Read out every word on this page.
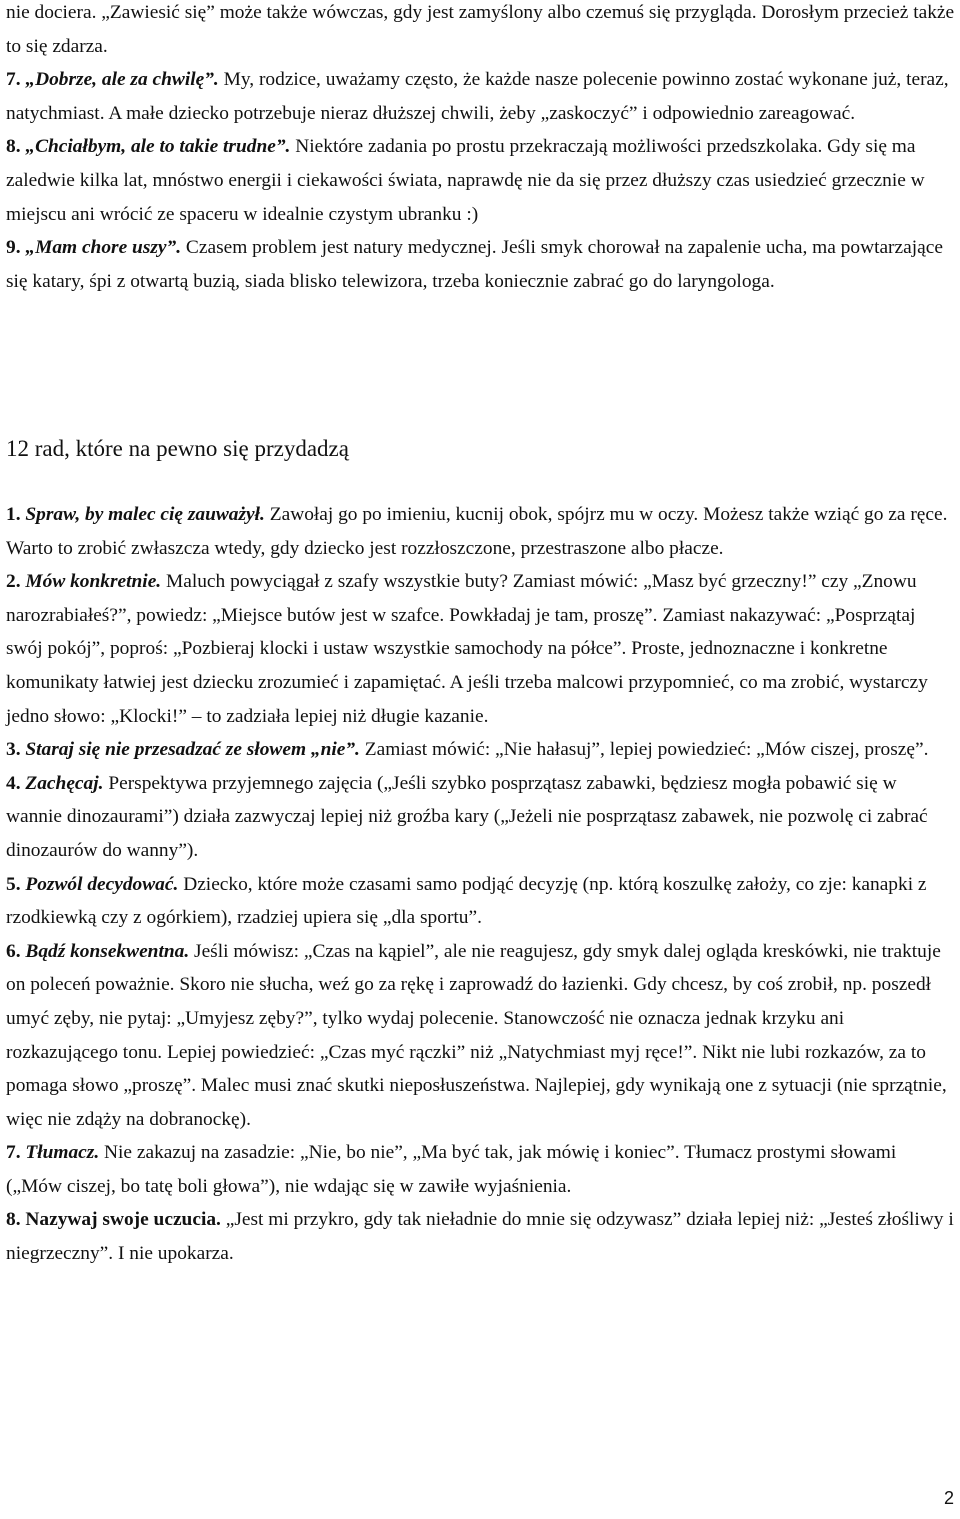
nie dociera. „Zawiesić się” może także wówczas, gdy jest zamyślony albo czemuś się przygląda. Dorosłym przecież także to się zdarza.

7. „Dobrze, ale za chwilę”. My, rodzice, uważamy często, że każde nasze polecenie powinno zostać wykonane już, teraz, natychmiast. A małe dziecko potrzebuje nieraz dłuższej chwili, żeby „zaskoczyć” i odpowiednio zareagować.

8. „Chciałbym, ale to takie trudne”. Niektóre zadania po prostu przekraczają możliwości przedszkolaka. Gdy się ma zaledwie kilka lat, mnóstwo energii i ciekawości świata, naprawdę nie da się przez dłuższy czas usiedzieć grzecznie w miejscu ani wrócić ze spaceru w idealnie czystym ubranku :)

9. „Mam chore uszy”. Czasem problem jest natury medycznej. Jeśli smyk chorował na zapalenie ucha, ma powtarzające się katary, śpi z otwartą buzią, siada blisko telewizora, trzeba koniecznie zabrać go do laryngologa.

12 rad, które na pewno się przydadzą

1. Spraw, by malec cię zauważył. Zawołaj go po imieniu, kucnij obok, spójrz mu w oczy. Możesz także wziąć go za ręce. Warto to zrobić zwłaszcza wtedy, gdy dziecko jest rozzłoszczone, przestraszone albo płacze.

2. Mów konkretnie. Maluch powyciągał z szafy wszystkie buty? Zamiast mówić: „Masz być grzeczny!” czy „Znowu narozrabiałeś?”, powiedz: „Miejsce butów jest w szafce. Powkładaj je tam, proszę”. Zamiast nakazywać: „Posprzątaj swój pokój”, poproś: „Pozbieraj klocki i ustaw wszystkie samochody na półce”. Proste, jednoznaczne i konkretne komunikaty łatwiej jest dziecku zrozumieć i zapamiętać. A jeśli trzeba malcowi przypomnieć, co ma zrobić, wystarczy jedno słowo: „Klocki!” – to zadziała lepiej niż długie kazanie.

3. Staraj się nie przesadzać ze słowem „nie”. Zamiast mówić: „Nie hałasuj”, lepiej powiedzieć: „Mów ciszej, proszę”.

4. Zachęcaj. Perspektywa przyjemnego zajęcia („Jeśli szybko posprzątasz zabawki, będziesz mogła pobawić się w wannie dinozaurami”) działa zazwyczaj lepiej niż groźba kary („Jeżeli nie posprzątasz zabawek, nie pozwolę ci zabrać dinozaurów do wanny”).

5. Pozwól decydować. Dziecko, które może czasami samo podjąć decyzję (np. którą koszulkę założy, co zje: kanapki z rzodkiewką czy z ogórkiem), rzadziej upiera się „dla sportu”.

6. Bądź konsekwentna. Jeśli mówisz: „Czas na kąpiel”, ale nie reagujesz, gdy smyk dalej ogląda kreskówki, nie traktuje on poleceń poważnie. Skoro nie słucha, weź go za rękę i zaprowadź do łazienki. Gdy chcesz, by coś zrobił, np. poszedł umyć zęby, nie pytaj: „Umyjesz zęby?”, tylko wydaj polecenie. Stanowczość nie oznacza jednak krzyku ani rozkazującego tonu. Lepiej powiedzieć: „Czas myć rączki” niż „Natychmiast myj ręce!”. Nikt nie lubi rozkazów, za to pomaga słowo „proszę”. Malec musi znać skutki nieposłuszeństwa. Najlepiej, gdy wynikają one z sytuacji (nie sprzątnie, więc nie zdąży na dobranockę).

7. Tłumacz. Nie zakazuj na zasadzie: „Nie, bo nie”, „Ma być tak, jak mówię i koniec”. Tłumacz prostymi słowami („Mów ciszej, bo tatę boli głowa”), nie wdając się w zawiłe wyjaśnienia.

8. Nazywaj swoje uczucia. „Jest mi przykro, gdy tak nieładnie do mnie się odzywasz” działa lepiej niż: „Jesteś złośliwy i niegrzeczny”. I nie upokarza.

2
